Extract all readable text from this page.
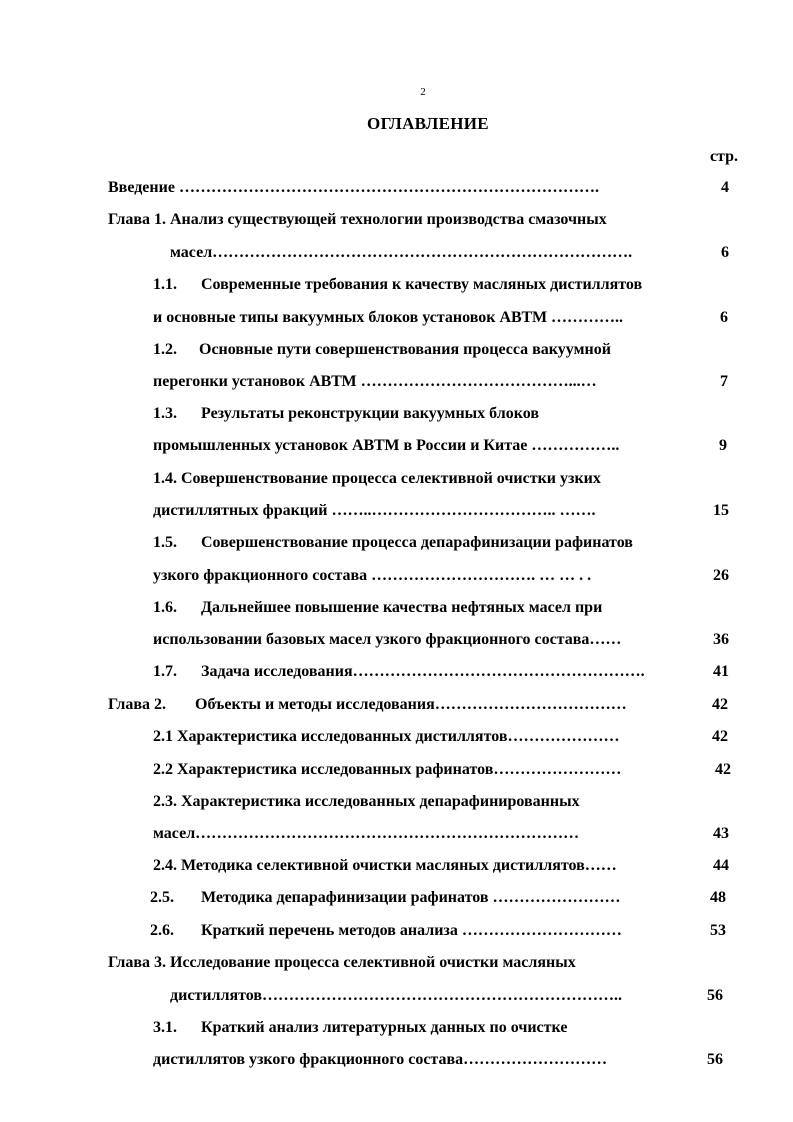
2
ОГЛАВЛЕНИЕ
стр.
Введение …………………………………………………………………….	4
Глава 1. Анализ существующей технологии производства смазочных
масел…………………………………………………………………….	6
1.1. Современные требования к качеству масляных дистиллятов
и основные типы вакуумных блоков установок АВТМ …………..	6
1.2. Основные пути совершенствования процесса вакуумной
перегонки установок АВТМ …………………………………...…	7
1.3. Результаты реконструкции вакуумных блоков
промышленных установок АВТМ в России и Китае ……………..	9
1.4. Совершенствование процесса селективной очистки узких
дистиллятных фракций ……..…………………………….. …….	15
1.5. Совершенствование процесса депарафинизации рафинатов
узкого фракционного состава …………………………. … … . .	26
1.6. Дальнейшее повышение качества нефтяных масел при
использовании базовых масел узкого фракционного состава……	36
1.7. Задача исследования……………………………………………….	41
Глава 2. Объекты и методы исследования………………………………	42
2.1 Характеристика исследованных дистиллятов…………………	42
2.2 Характеристика исследованных рафинатов……………………	42
2.3. Характеристика исследованных депарафинированных
масел………………………………………………………………	43
2.4. Методика селективной очистки масляных дистиллятов……	44
2.5. Методика депарафинизации рафинатов ……………………	48
2.6. Краткий перечень методов анализа …………………………	53
Глава 3. Исследование процесса селективной очистки масляных
дистиллятов…………………………………………………………..	56
3.1. Краткий анализ литературных данных по очистке
дистиллятов узкого фракционного состава………………………	56
